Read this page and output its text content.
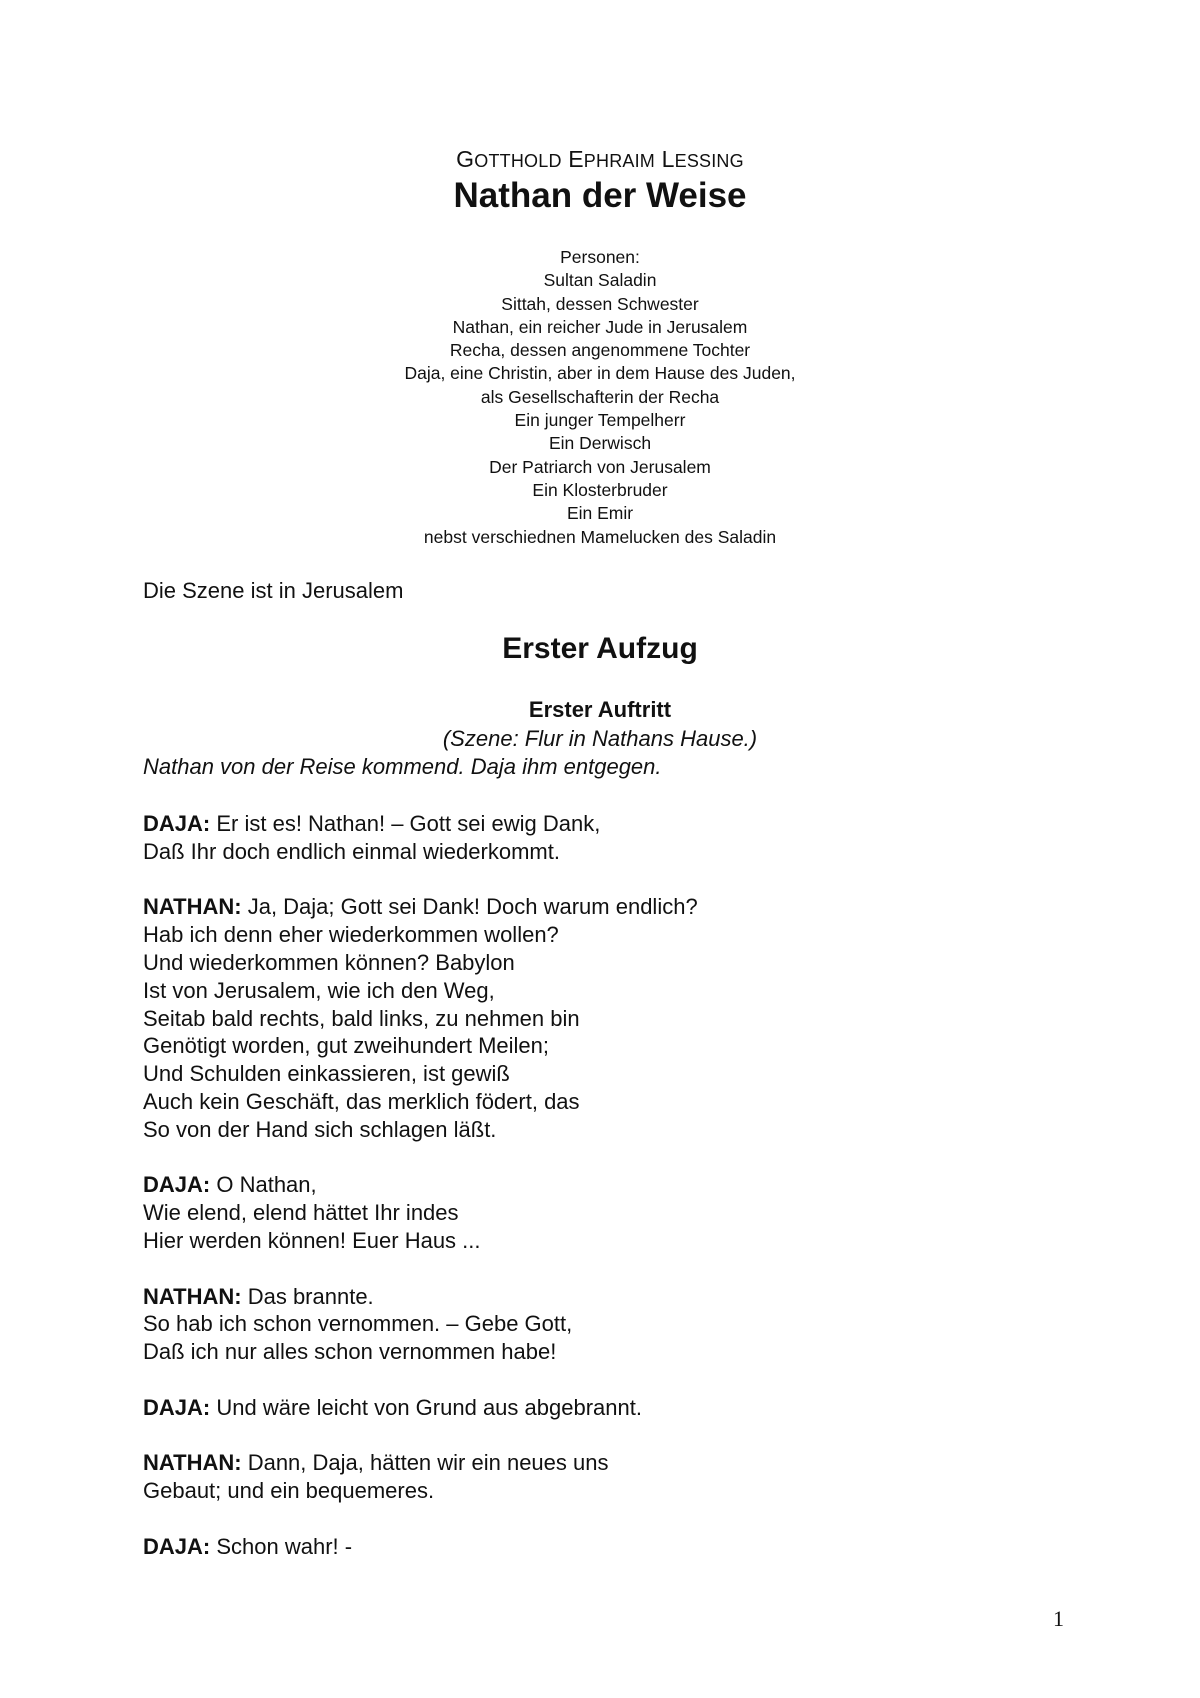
GOTTHOLD EPHRAIM LESSING
Nathan der Weise
Personen:
Sultan Saladin
Sittah, dessen Schwester
Nathan, ein reicher Jude in Jerusalem
Recha, dessen angenommene Tochter
Daja, eine Christin, aber in dem Hause des Juden,
als Gesellschafterin der Recha
Ein junger Tempelherr
Ein Derwisch
Der Patriarch von Jerusalem
Ein Klosterbruder
Ein Emir
nebst verschiednen Mamelucken des Saladin
Die Szene ist in Jerusalem
Erster Aufzug
Erster Auftritt
(Szene: Flur in Nathans Hause.)
Nathan von der Reise kommend. Daja ihm entgegen.
DAJA: Er ist es! Nathan! – Gott sei ewig Dank,
Daß Ihr doch endlich einmal wiederkommt.
NATHAN: Ja, Daja; Gott sei Dank! Doch warum endlich?
Hab ich denn eher wiederkommen wollen?
Und wiederkommen können? Babylon
Ist von Jerusalem, wie ich den Weg,
Seitab bald rechts, bald links, zu nehmen bin
Genötigt worden, gut zweihundert Meilen;
Und Schulden einkassieren, ist gewiß
Auch kein Geschäft, das merklich födert, das
So von der Hand sich schlagen läßt.
DAJA: O Nathan,
Wie elend, elend hättet Ihr indes
Hier werden können! Euer Haus ...
NATHAN: Das brannte.
So hab ich schon vernommen. – Gebe Gott,
Daß ich nur alles schon vernommen habe!
DAJA: Und wäre leicht von Grund aus abgebrannt.
NATHAN: Dann, Daja, hätten wir ein neues uns
Gebaut; und ein bequemeres.
DAJA: Schon wahr! -
1
